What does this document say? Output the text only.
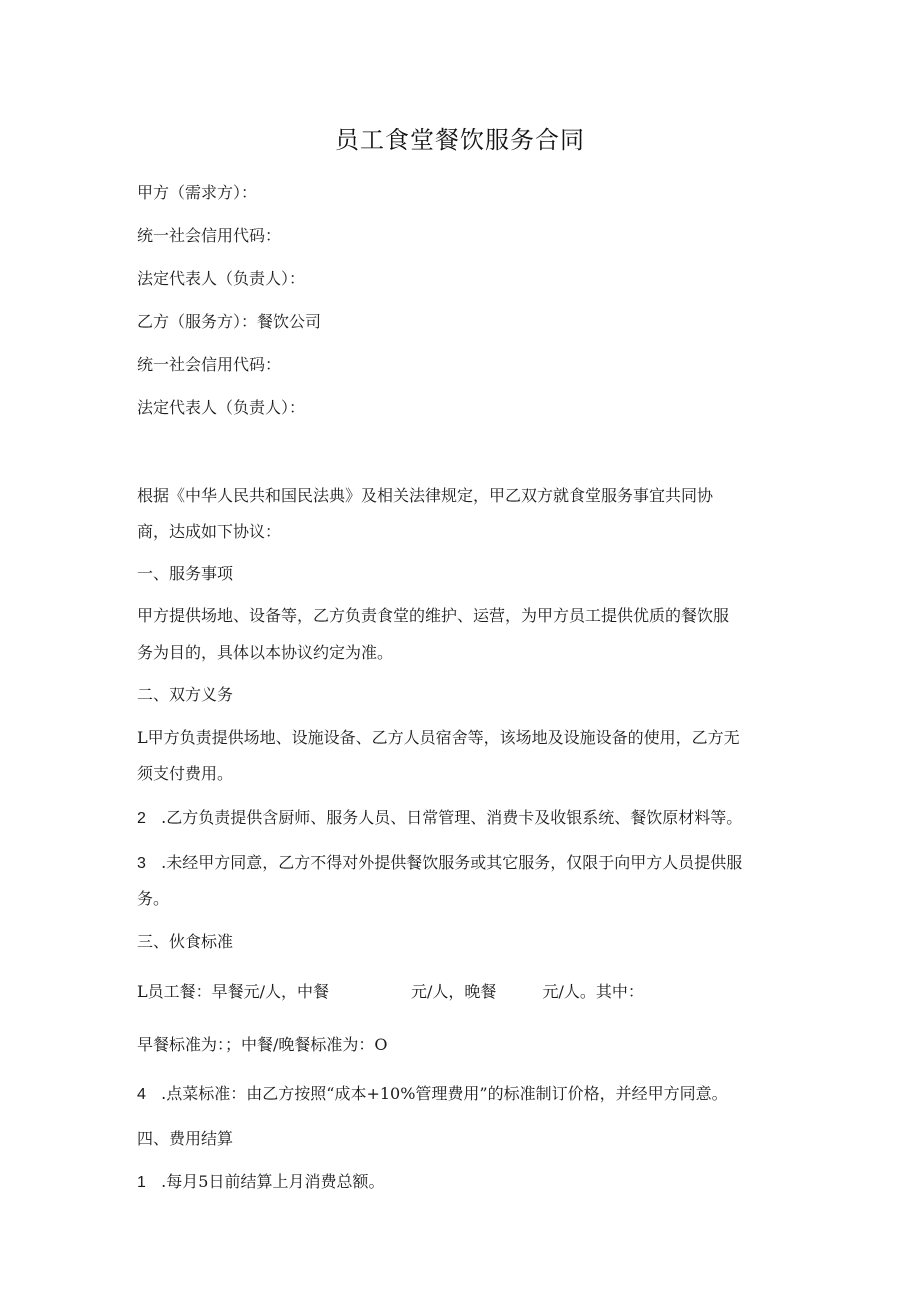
员工食堂餐饮服务合同
甲方（需求方）：
统一社会信用代码：
法定代表人（负责人）：
乙方（服务方）：餐饮公司
统一社会信用代码：
法定代表人（负责人）：
根据《中华人民共和国民法典》及相关法律规定，甲乙双方就食堂服务事宜共同协
商，达成如下协议：
一、服务事项
甲方提供场地、设备等，乙方负责食堂的维护、运营，为甲方员工提供优质的餐饮服
务为目的，具体以本协议约定为准。
二、双方义务
L甲方负责提供场地、设施设备、乙方人员宿舍等，该场地及设施设备的使用，乙方无
须支付费用。
2 .乙方负责提供含厨师、服务人员、日常管理、消费卡及收银系统、餐饮原材料等。
3 .未经甲方同意，乙方不得对外提供餐饮服务或其它服务，仅限于向甲方人员提供服
务。
三、伙食标准
L员工餐：早餐元/人，中餐	元/人，晚餐	元/人。其中：
早餐标准为：；中餐/晚餐标准为：O
4 .点菜标准：由乙方按照“成本+10%管理费用”的标准制订价格，并经甲方同意。
四、费用结算
1 .每月5日前结算上月消费总额。
